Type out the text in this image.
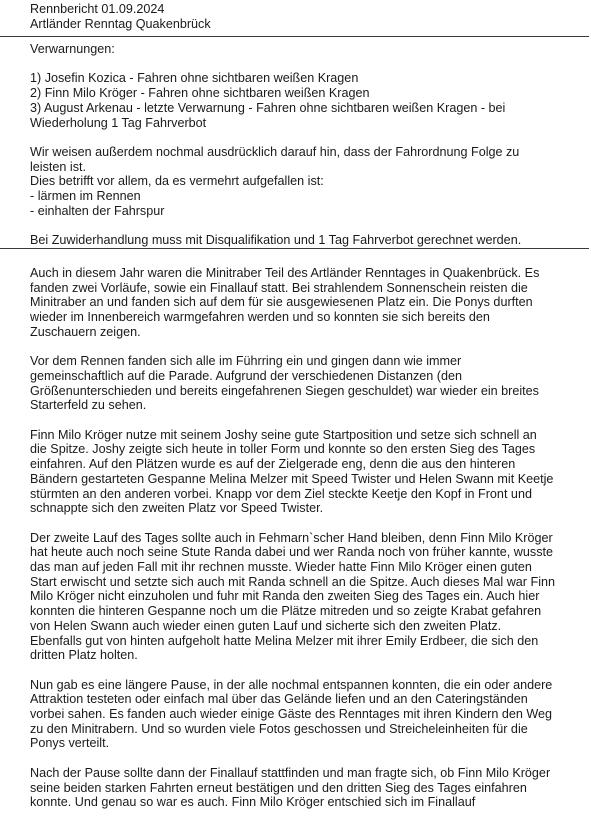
Rennbericht 01.09.2024
Artländer Renntag Quakenbrück

Verwarnungen:

1) Josefin Kozica - Fahren ohne sichtbaren weißen Kragen

2) Finn Milo Kröger - Fahren ohne sichtbaren weißen Kragen

3) August Arkenau - letzte Verwarnung - Fahren ohne sichtbaren weißen Kragen - bei Wiederholung 1 Tag Fahrverbot

Wir weisen außerdem nochmal ausdrücklich darauf hin, dass der Fahrordnung Folge zu leisten ist.

Dies betrifft vor allem, da es vermehrt aufgefallen ist:

- lärmen im Rennen

- einhalten der Fahrspur

Bei Zuwiderhandlung muss mit Disqualifikation und 1 Tag Fahrverbot gerechnet werden.

Auch in diesem Jahr waren die Minitraber Teil des Artländer Renntages in Quakenbrück. Es fanden zwei Vorläufe, sowie ein Finallauf statt. Bei strahlendem Sonnenschein reisten die Minitraber an und fanden sich auf dem für sie ausgewiesenen Platz ein. Die Ponys durften wieder im Innenbereich warmgefahren werden und so konnten sie sich bereits den Zuschauern zeigen.

Vor dem Rennen fanden sich alle im Führring ein und gingen dann wie immer gemeinschaftlich auf die Parade. Aufgrund der verschiedenen Distanzen (den Größenunterschieden und bereits eingefahrenen Siegen geschuldet) war wieder ein breites Starterfeld zu sehen.

Finn Milo Kröger nutze mit seinem Joshy seine gute Startposition und setze sich schnell an die Spitze. Joshy zeigte sich heute in toller Form und konnte so den ersten Sieg des Tages einfahren. Auf den Plätzen wurde es auf der Zielgerade eng, denn die aus den hinteren Bändern gestarteten Gespanne Melina Melzer mit Speed Twister und Helen Swann mit Keetje stürmten an den anderen vorbei. Knapp vor dem Ziel steckte Keetje den Kopf in Front und schnappte sich den zweiten Platz vor Speed Twister.

Der zweite Lauf des Tages sollte auch in Fehmarn`scher Hand bleiben, denn Finn Milo Kröger hat heute auch noch seine Stute Randa dabei und wer Randa noch von früher kannte, wusste das man auf jeden Fall mit ihr rechnen musste. Wieder hatte Finn Milo Kröger einen guten Start erwischt und setzte sich auch mit Randa schnell an die Spitze. Auch dieses Mal war Finn Milo Kröger nicht einzuholen und fuhr mit Randa den zweiten Sieg des Tages ein. Auch hier konnten die hinteren Gespanne noch um die Plätze mitreden und so zeigte Krabat gefahren von Helen Swann auch wieder einen guten Lauf und sicherte sich den zweiten Platz. Ebenfalls gut von hinten aufgeholt hatte Melina Melzer mit ihrer Emily Erdbeer, die sich den dritten Platz holten.

Nun gab es eine längere Pause, in der alle nochmal entspannen konnten, die ein oder andere Attraktion testeten oder einfach mal über das Gelände liefen und an den Cateringständen vorbei sahen. Es fanden auch wieder einige Gäste des Renntages mit ihren Kindern den Weg zu den Minitrabern. Und so wurden viele Fotos geschossen und Streicheleinheiten für die Ponys verteilt.

Nach der Pause sollte dann der Finallauf stattfinden und man fragte sich, ob Finn Milo Kröger seine beiden starken Fahrten erneut bestätigen und den dritten Sieg des Tages einfahren konnte. Und genau so war es auch. Finn Milo Kröger entschied sich im Finallauf
